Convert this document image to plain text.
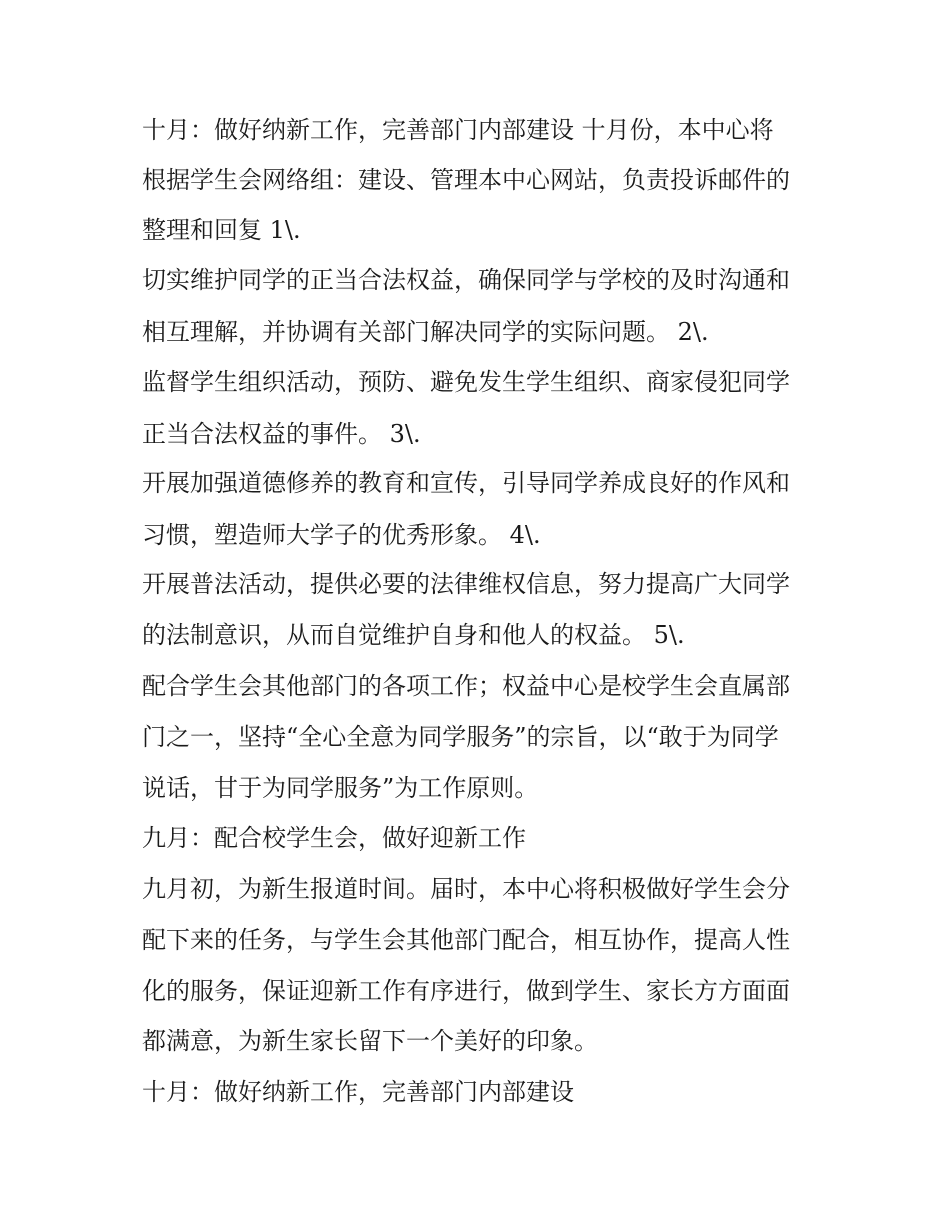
十月：做好纳新工作，完善部门内部建设 十月份，本中心将
根据学生会网络组：建设、管理本中心网站，负责投诉邮件的
整理和回复 1\.
切实维护同学的正当合法权益，确保同学与学校的及时沟通和
相互理解，并协调有关部门解决同学的实际问题。 2\.
监督学生组织活动，预防、避免发生学生组织、商家侵犯同学
正当合法权益的事件。 3\.
开展加强道德修养的教育和宣传，引导同学养成良好的作风和
习惯，塑造师大学子的优秀形象。 4\.
开展普法活动，提供必要的法律维权信息，努力提高广大同学
的法制意识，从而自觉维护自身和他人的权益。 5\.
配合学生会其他部门的各项工作；权益中心是校学生会直属部
门之一，坚持“全心全意为同学服务”的宗旨，以“敢于为同学
说话，甘于为同学服务”为工作原则。
九月：配合校学生会，做好迎新工作
九月初，为新生报道时间。届时，本中心将积极做好学生会分
配下来的任务，与学生会其他部门配合，相互协作，提高人性
化的服务，保证迎新工作有序进行，做到学生、家长方方面面
都满意，为新生家长留下一个美好的印象。
十月：做好纳新工作，完善部门内部建设
